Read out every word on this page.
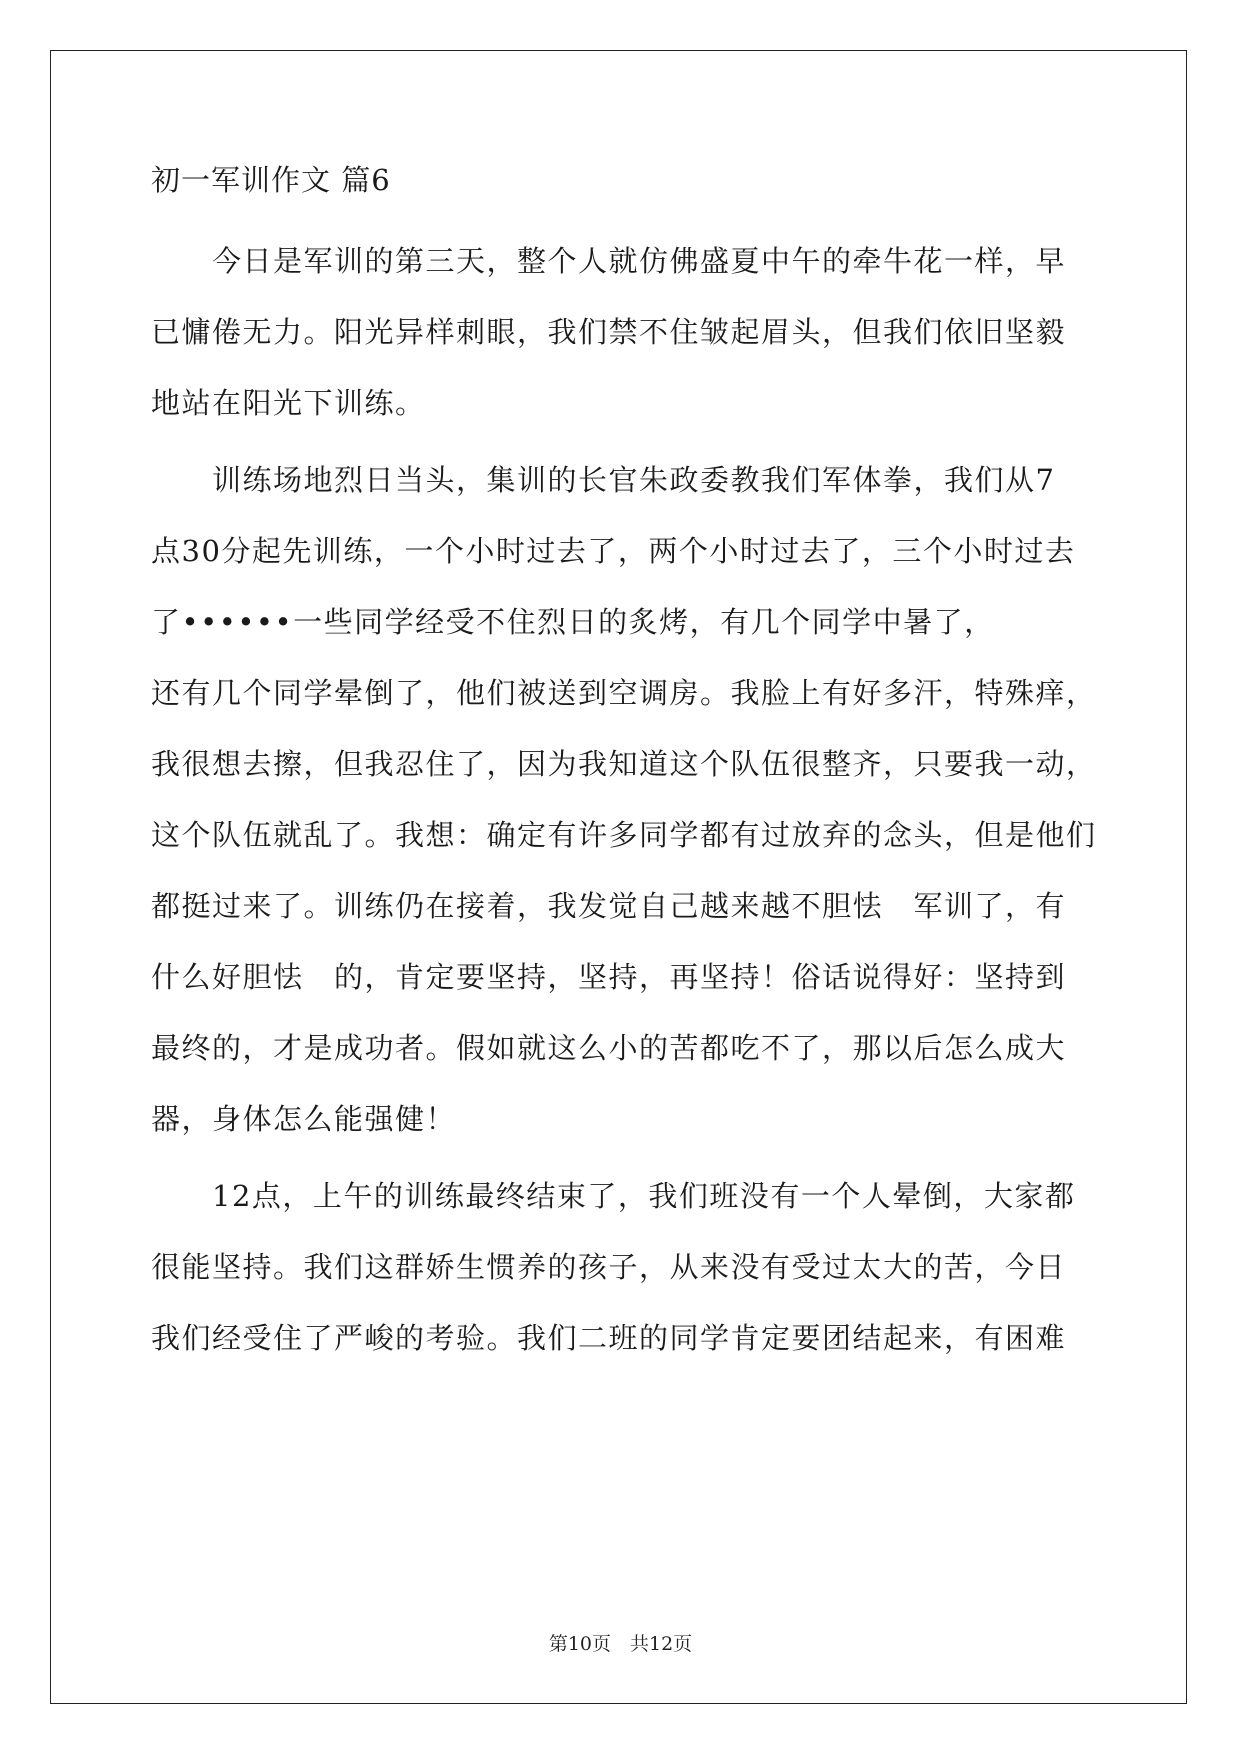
初一军训作文 篇6
　　今日是军训的第三天，整个人就仿佛盛夏中午的牵牛花一样，早
已慵倦无力。阳光异样刺眼，我们禁不住皱起眉头，但我们依旧坚毅
地站在阳光下训练。
　　训练场地烈日当头，集训的长官朱政委教我们军体拳，我们从7
点30分起先训练，一个小时过去了，两个小时过去了，三个小时过去
了••••••一些同学经受不住烈日的炙烤，有几个同学中暑了，
还有几个同学晕倒了，他们被送到空调房。我脸上有好多汗，特殊痒，
我很想去擦，但我忍住了，因为我知道这个队伍很整齐，只要我一动，
这个队伍就乱了。我想：确定有许多同学都有过放弃的念头，但是他们
都挺过来了。训练仍在接着，我发觉自己越来越不胆怯　军训了，有
什么好胆怯　的，肯定要坚持，坚持，再坚持！俗话说得好：坚持到
最终的，才是成功者。假如就这么小的苦都吃不了，那以后怎么成大
器，身体怎么能强健！
　　12点，上午的训练最终结束了，我们班没有一个人晕倒，大家都
很能坚持。我们这群娇生惯养的孩子，从来没有受过太大的苦，今日
我们经受住了严峻的考验。我们二班的同学肯定要团结起来，有困难
第10页　共12页
